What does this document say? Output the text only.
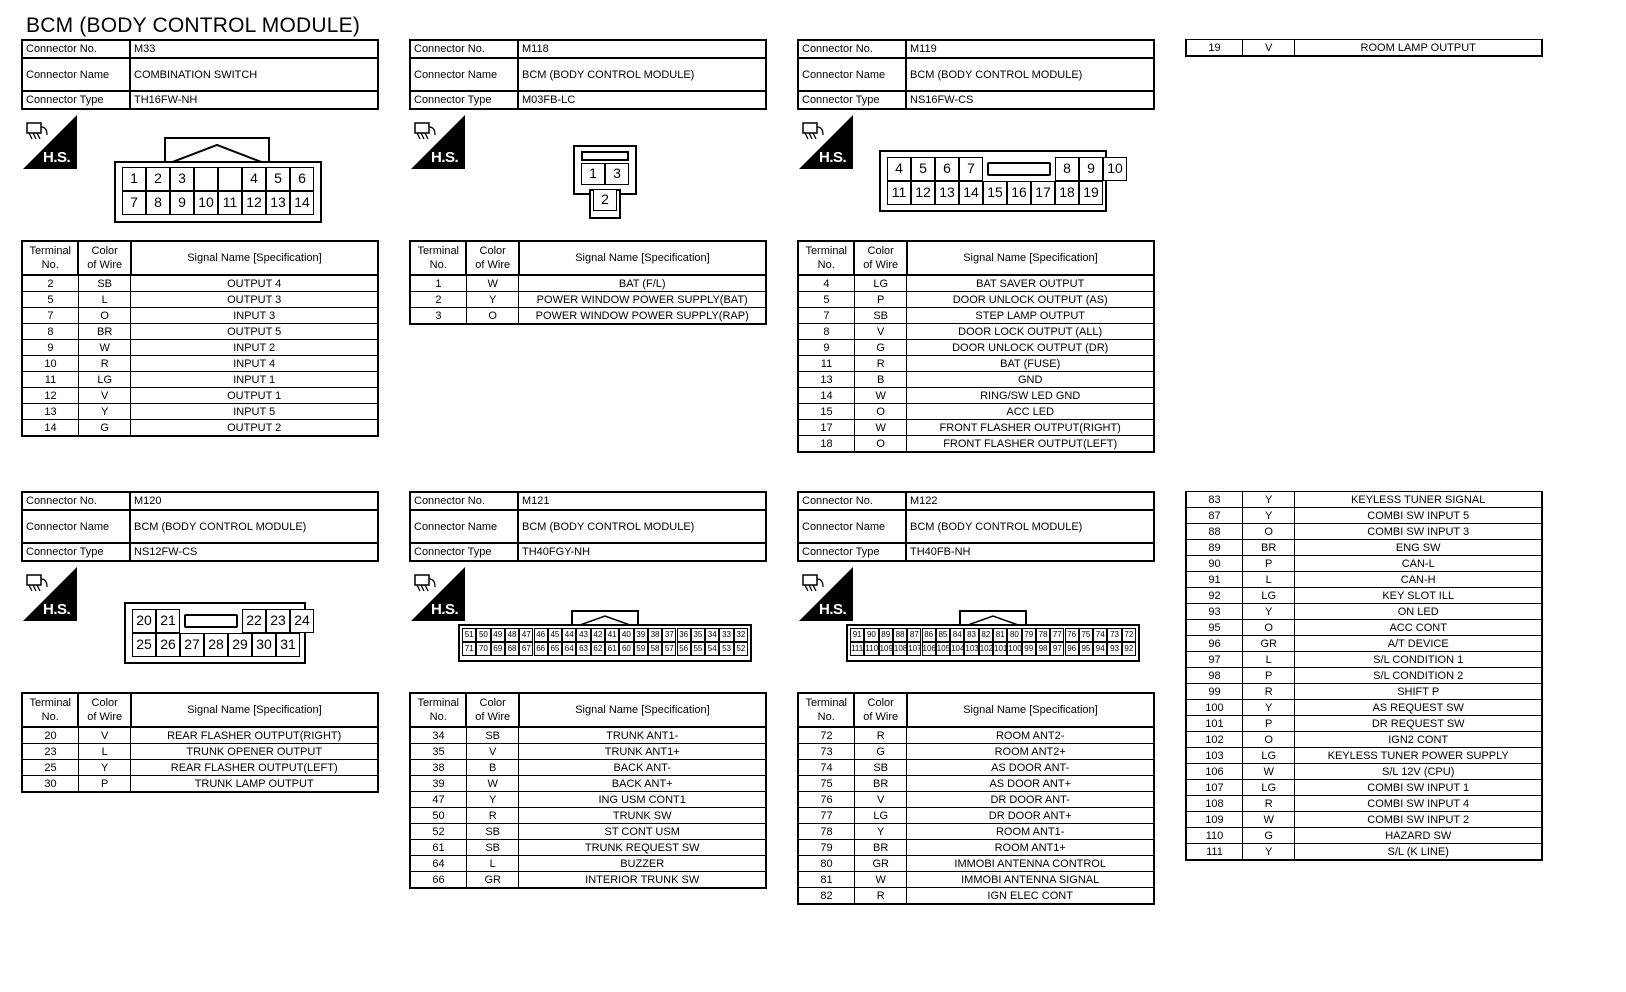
BCM (BODY CONTROL MODULE)
Connector No.	M33
Connector Name	COMBINATION SWITCH
Connector Type	TH16FW-NH
H.S.
Connector No.	M118
Connector Name	BCM (BODY CONTROL MODULE)
Connector Type	M03FB-LC
H.S.
Connector No.	M119
Connector Name	BCM (BODY CONTROL MODULE)
Connector Type	NS16FW-CS
H.S.
1	2	3	4	5	6
7	8	9 10 11 12 13 14
1	3
2
4	5	6	7	8	9 10
11 12 13 14 15 16 17 18 19
Terminal
No.	Color
of Wire	Signal Name [Specification]
2	SB	OUTPUT 4
5	L	OUTPUT 3
7	O	INPUT 3
8	BR	OUTPUT 5
9	W	INPUT 2
10	R	INPUT 4
11	LG	INPUT 1
12	V	OUTPUT 1
13	Y	INPUT 5
14	G	OUTPUT 2
Terminal
No.	Color
of Wire	Signal Name [Specification]
1	W	BAT (F/L)
2	Y	POWER WINDOW POWER SUPPLY(BAT)
3	O	POWER WINDOW POWER SUPPLY(RAP)
Terminal
No.	Color
of Wire	Signal Name [Specification]
4	LG	BAT SAVER OUTPUT
5	P	DOOR UNLOCK OUTPUT (AS)
7	SB	STEP LAMP OUTPUT
8	V	DOOR LOCK OUTPUT (ALL)
9	G	DOOR UNLOCK OUTPUT (DR)
11	R	BAT (FUSE)
13	B	GND
14	W	RING/SW LED GND
15	O	ACC LED
17	W	FRONT FLASHER OUTPUT(RIGHT)
18	O	FRONT FLASHER OUTPUT(LEFT)
19	V	ROOM LAMP OUTPUT
Connector No.	M120
Connector Name	BCM (BODY CONTROL MODULE)
Connector Type	NS12FW-CS
H.S.
Connector No.	M121
Connector Name	BCM (BODY CONTROL MODULE)
Connector Type	TH40FGY-NH
H.S.
Connector No.	M122
Connector Name	BCM (BODY CONTROL MODULE)
Connector Type	TH40FB-NH
H.S.
20 21	22 23 24
25 26 27 28 29 30 31
51 50 49 48 47 46 45 44 43 42 41 40 39 38 37 36 35 34 33 32
71 70 69 68 67 66 65 64 63 62 61 60 59 58 57 56 55 54 53 52
91 90 89 88 87 86 85 84 83 82 81 80 79 78 77 76 75 74 73 72
111 110 109 108 107 106 105 104 103 102 101 100 99 98 97 96 95 94 93 92
Terminal
No.	Color
of Wire	Signal Name [Specification]
20	V	REAR FLASHER OUTPUT(RIGHT)
23	L	TRUNK OPENER OUTPUT
25	Y	REAR FLASHER OUTPUT(LEFT)
30	P	TRUNK LAMP OUTPUT
Terminal
No.	Color
of Wire	Signal Name [Specification]
34	SB	TRUNK ANT1-
35	V	TRUNK ANT1+
38	B	BACK ANT-
39	W	BACK ANT+
47	Y	ING USM CONT1
50	R	TRUNK SW
52	SB	ST CONT USM
61	SB	TRUNK REQUEST SW
64	L	BUZZER
66	GR	INTERIOR TRUNK SW
Terminal
No.	Color
of Wire	Signal Name [Specification]
72	R	ROOM ANT2-
73	G	ROOM ANT2+
74	SB	AS DOOR ANT-
75	BR	AS DOOR ANT+
76	V	DR DOOR ANT-
77	LG	DR DOOR ANT+
78	Y	ROOM ANT1-
79	BR	ROOM ANT1+
80	GR	IMMOBI ANTENNA CONTROL
81	W	IMMOBI ANTENNA SIGNAL
82	R	IGN ELEC CONT
83	Y	KEYLESS TUNER SIGNAL
87	Y	COMBI SW INPUT 5
88	O	COMBI SW INPUT 3
89	BR	ENG SW
90	P	CAN-L
91	L	CAN-H
92	LG	KEY SLOT ILL
93	Y	ON LED
95	O	ACC CONT
96	GR	A/T DEVICE
97	L	S/L CONDITION 1
98	P	S/L CONDITION 2
99	R	SHIFT P
100	Y	AS REQUEST SW
101	P	DR REQUEST SW
102	O	IGN2 CONT
103	LG	KEYLESS TUNER POWER SUPPLY
106	W	S/L 12V (CPU)
107	LG	COMBI SW INPUT 1
108	R	COMBI SW INPUT 4
109	W	COMBI SW INPUT 2
110	G	HAZARD SW
111	Y	S/L (K LINE)
